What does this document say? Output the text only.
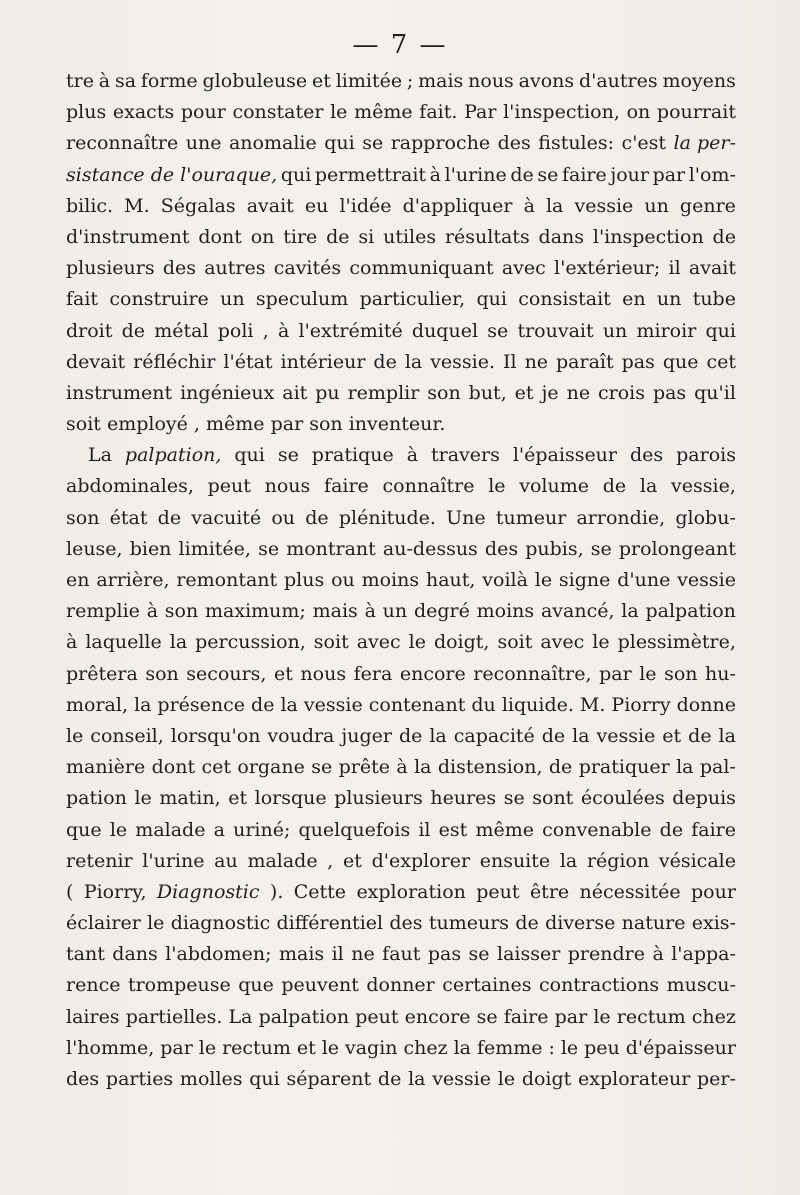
— 7 —
tre à sa forme globuleuse et limitée ; mais nous avons d'autres moyens
plus exacts pour constater le même fait. Par l'inspection, on pourrait
reconnaître une anomalie qui se rapproche des fistules: c'est la per-
sistance de l'ouraque, qui permettrait à l'urine de se faire jour par l'om-
bilic. M. Ségalas avait eu l'idée d'appliquer à la vessie un genre
d'instrument dont on tire de si utiles résultats dans l'inspection de
plusieurs des autres cavités communiquant avec l'extérieur; il avait
fait construire un speculum particulier, qui consistait en un tube
droit de métal poli , à l'extrémité duquel se trouvait un miroir qui
devait réfléchir l'état intérieur de la vessie. Il ne paraît pas que cet
instrument ingénieux ait pu remplir son but, et je ne crois pas qu'il
soit
employé
,
même
par
son
inventeur.
La palpation, qui se pratique à travers l'épaisseur des parois
abdominales, peut nous faire connaître le volume de la vessie,
son état de vacuité ou de plénitude. Une tumeur arrondie, globu-
leuse, bien limitée, se montrant au-dessus des pubis, se prolongeant
en arrière, remontant plus ou moins haut, voilà le signe d'une vessie
remplie à son maximum; mais à un degré moins avancé, la palpation
à laquelle la percussion, soit avec le doigt, soit avec le plessimètre,
prêtera son secours, et nous fera encore reconnaître, par le son hu-
moral, la présence de la vessie contenant du liquide. M. Piorry donne
le conseil, lorsqu'on voudra juger de la capacité de la vessie et de la
manière dont cet organe se prête à la distension, de pratiquer la pal-
pation le matin, et lorsque plusieurs heures se sont écoulées depuis
que le malade a uriné; quelquefois il est même convenable de faire
retenir l'urine au malade , et d'explorer ensuite la région vésicale
( Piorry, Diagnostic ). Cette exploration peut être nécessitée pour
éclairer le diagnostic différentiel des tumeurs de diverse nature exis-
tant dans l'abdomen; mais il ne faut pas se laisser prendre à l'appa-
rence trompeuse que peuvent donner certaines contractions muscu-
laires partielles. La palpation peut encore se faire par le rectum chez
l'homme, par le rectum et le vagin chez la femme : le peu d'épaisseur
des parties molles qui séparent de la vessie le doigt explorateur per-
